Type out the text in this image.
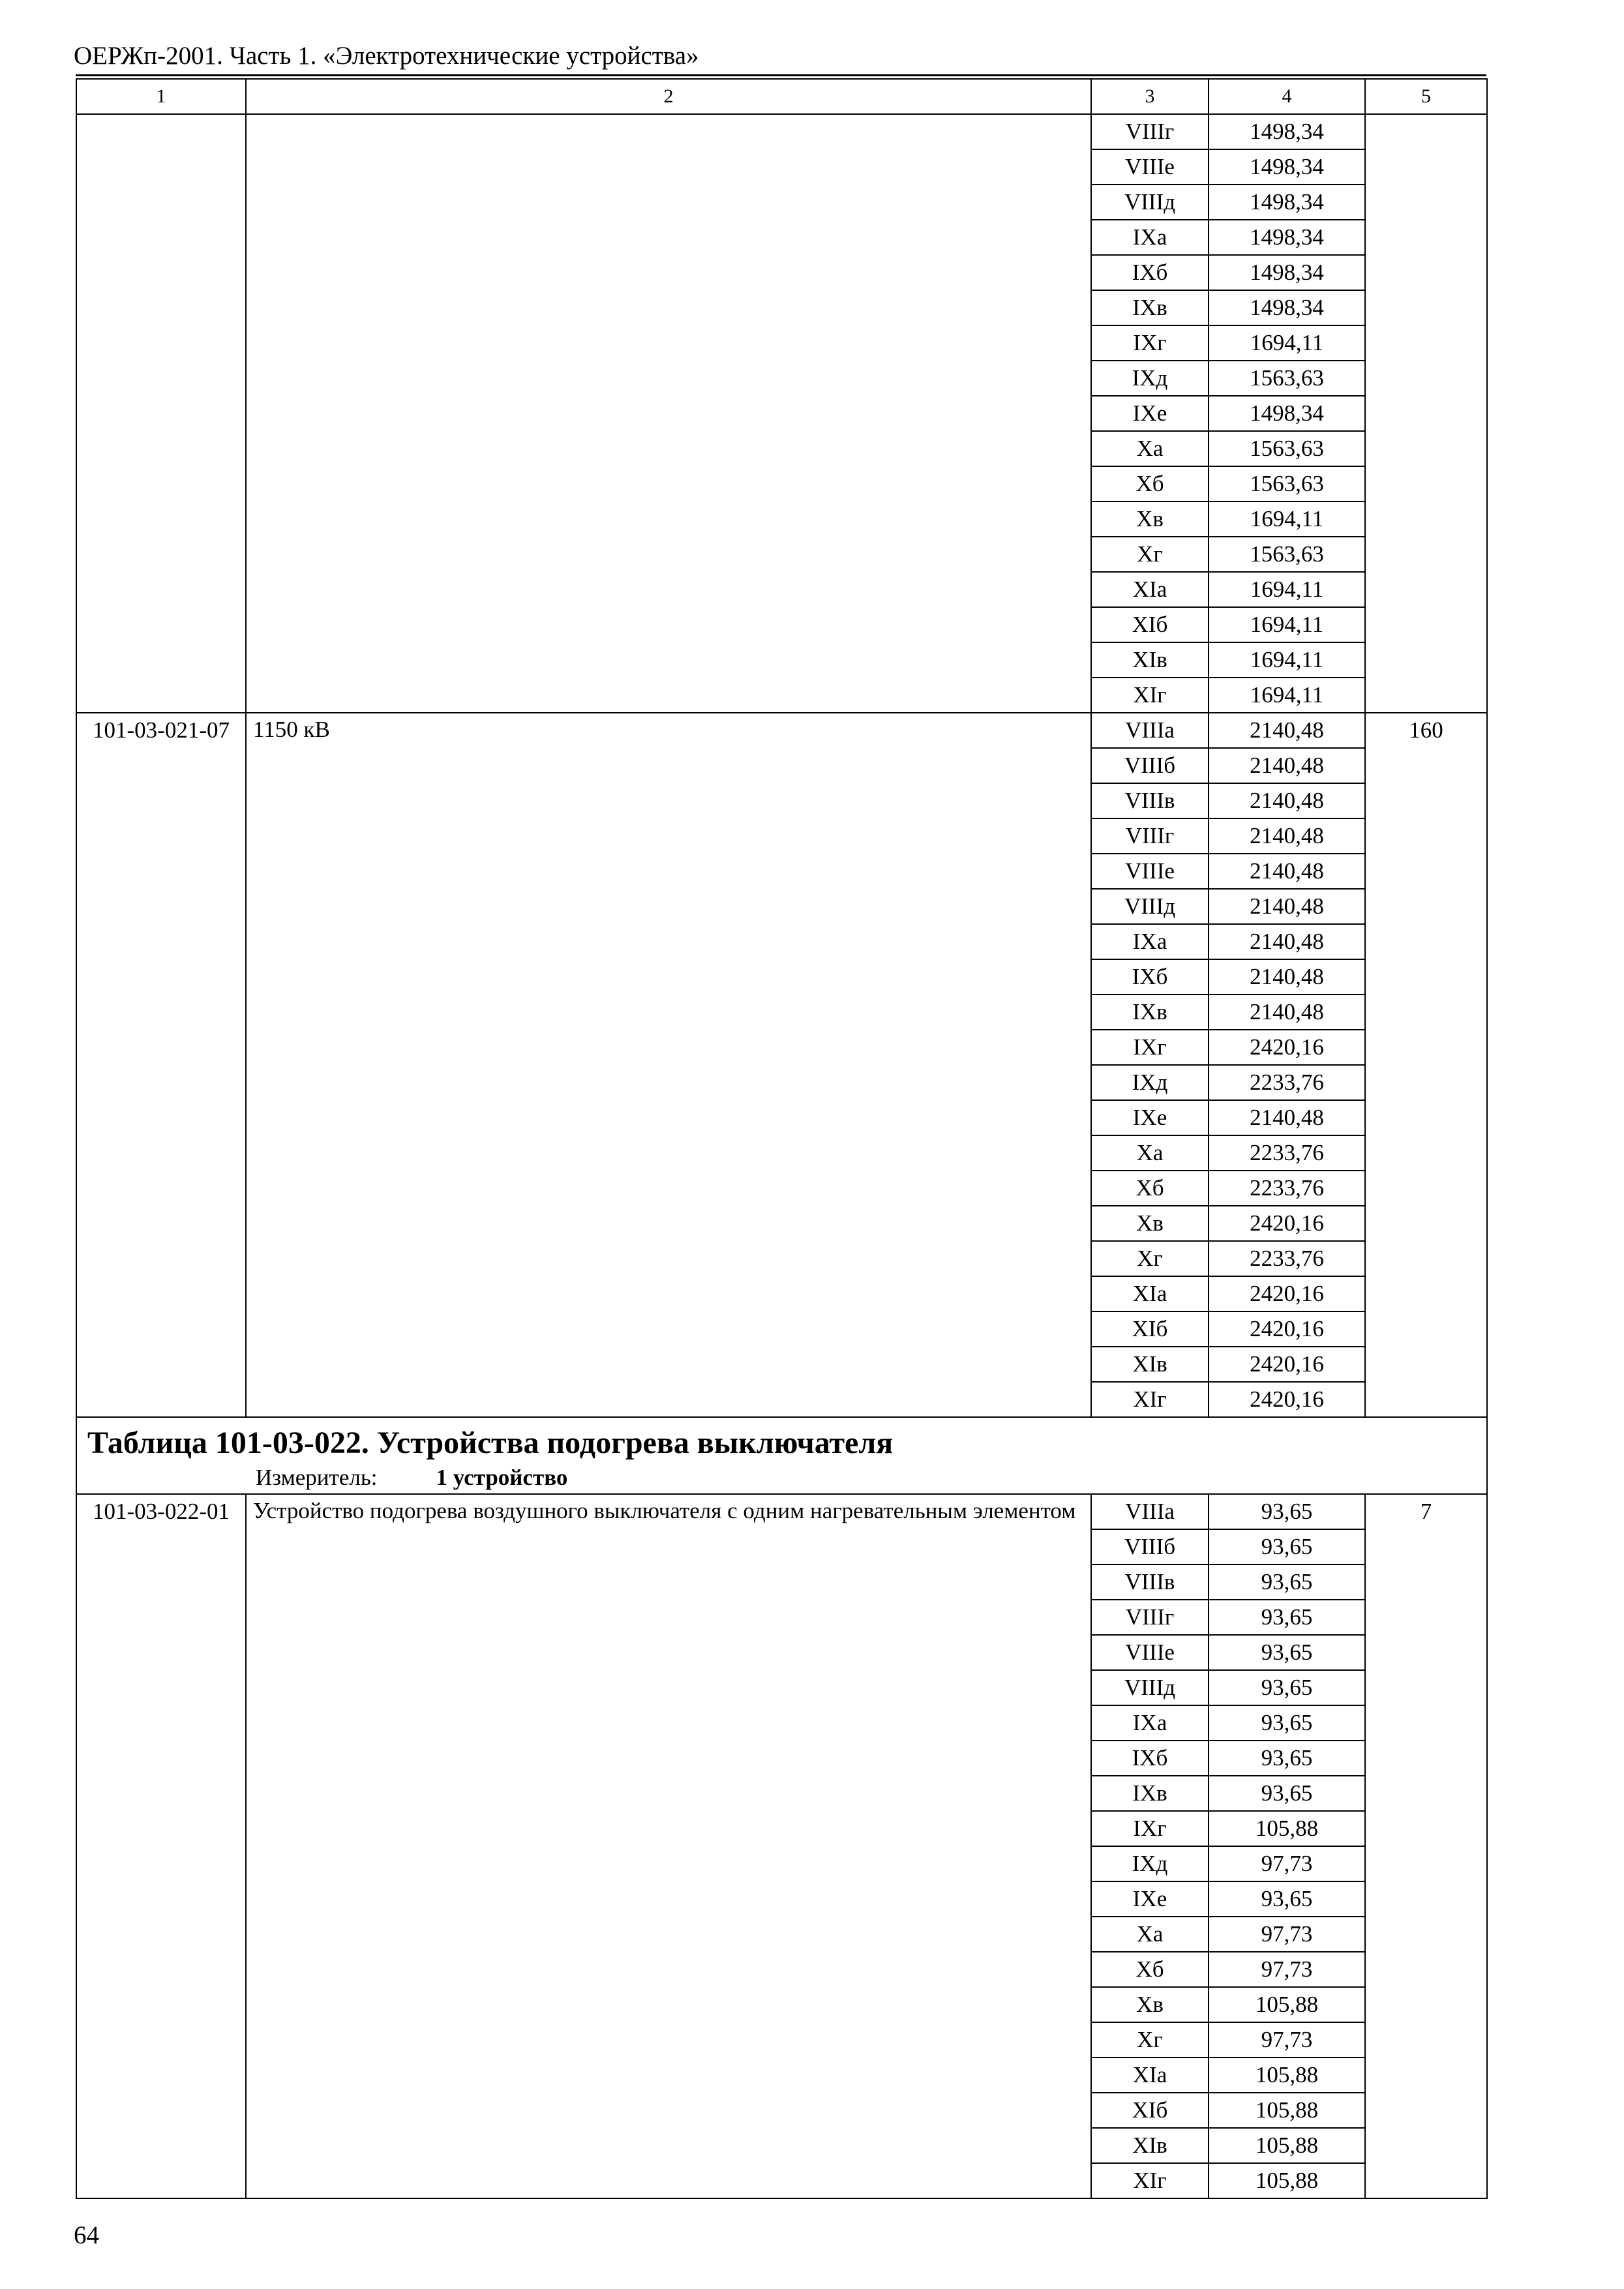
ОЕРЖп-2001. Часть 1. «Электротехнические устройства»
1	2	3	4	5
		VIIIг	1498,34	
		VIIIе	1498,34	
		VIIIд	1498,34	
		IXа	1498,34	
		IXб	1498,34	
		IXв	1498,34	
		IXг	1694,11	
		IXд	1563,63	
		IXе	1498,34	
		Xа	1563,63	
		Xб	1563,63	
		Xв	1694,11	
		Xг	1563,63	
		XIа	1694,11	
		XIб	1694,11	
		XIв	1694,11	
		XIг	1694,11	
101-03-021-07	1150 кВ	VIIIа	2140,48	160
		VIIIб	2140,48	
		VIIIв	2140,48	
		VIIIг	2140,48	
		VIIIе	2140,48	
		VIIIд	2140,48	
		IXа	2140,48	
		IXб	2140,48	
		IXв	2140,48	
		IXг	2420,16	
		IXд	2233,76	
		IXе	2140,48	
		Xа	2233,76	
		Xб	2233,76	
		Xв	2420,16	
		Xг	2233,76	
		XIа	2420,16	
		XIб	2420,16	
		XIв	2420,16	
		XIг	2420,16	

Таблица 101-03-022. Устройства подогрева выключателя
Измеритель: 1 устройство				

101-03-022-01	Устройство подогрева воздушного выключателя с одним нагревательным элементом	VIIIа	93,65	7
		VIIIб	93,65	
		VIIIв	93,65	
		VIIIг	93,65	
		VIIIе	93,65	
		VIIIд	93,65	
		IXа	93,65	
		IXб	93,65	
		IXв	93,65	
		IXг	105,88	
		IXд	97,73	
		IXе	93,65	
		Xа	97,73	
		Xб	97,73	
		Xв	105,88	
		Xг	97,73	
		XIа	105,88	
		XIб	105,88	
		XIв	105,88	
		XIг	105,88	
64
